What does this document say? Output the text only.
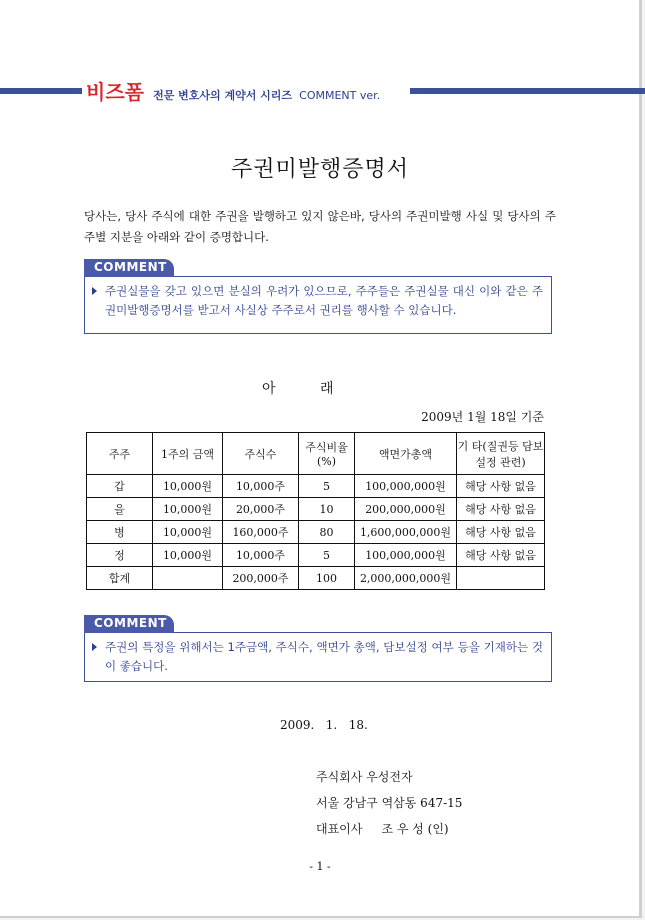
비즈폼 전문 변호사의 계약서 시리즈 COMMENT ver.
주권미발행증명서
당사는, 당사 주식에 대한 주권을 발행하고 있지 않은바, 당사의 주권미발행 사실 및 당사의 주주별 지분을 아래와 같이 증명합니다.
COMMENT
주권실물을 갖고 있으면 분실의 우려가 있으므로, 주주들은 주권실물 대신 이와 같은 주권미발행증명서를 받고서 사실상 주주로서 권리를 행사할 수 있습니다.
아          래
2009년 1월 18일 기준
주주	1주의 금액	주식수	주식비율(%)	액면가총액	기 타(질권등 담보설정 관련)
갑	10,000원	10,000주	5	100,000,000원	해당 사항 없음
을	10,000원	20,000주	10	200,000,000원	해당 사항 없음
병	10,000원	160,000주	80	1,600,000,000원	해당 사항 없음
정	10,000원	10,000주	5	100,000,000원	해당 사항 없음
합계		200,000주	100	2,000,000,000원	
COMMENT
주권의 특정을 위해서는 1주금액, 주식수, 액면가 총액, 담보설정 여부 등을 기재하는 것이 좋습니다.
2009.   1.   18.
주식회사 우성전자
서울 강남구 역삼동 647-15
대표이사     조 우 성 (인)
- 1 -
